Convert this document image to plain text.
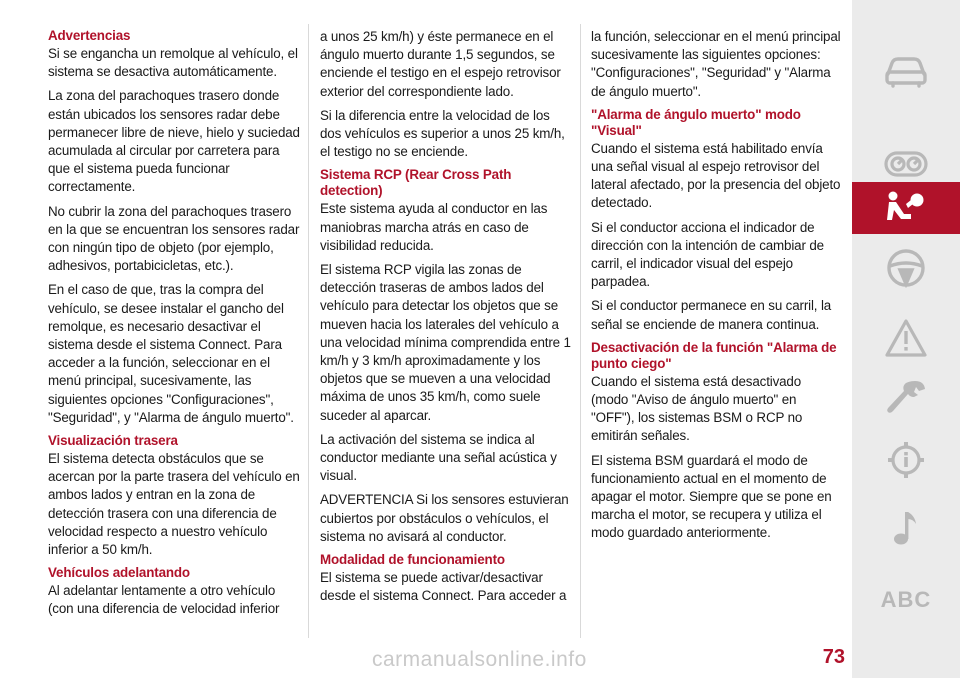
Advertencias
Si se engancha un remolque al vehículo, el sistema se desactiva automáticamente.
La zona del parachoques trasero donde están ubicados los sensores radar debe permanecer libre de nieve, hielo y suciedad acumulada al circular por carretera para que el sistema pueda funcionar correctamente.
No cubrir la zona del parachoques trasero en la que se encuentran los sensores radar con ningún tipo de objeto (por ejemplo, adhesivos, portabicicletas, etc.).
En el caso de que, tras la compra del vehículo, se desee instalar el gancho del remolque, es necesario desactivar el sistema desde el sistema Connect. Para acceder a la función, seleccionar en el menú principal, sucesivamente, las siguientes opciones "Configuraciones", "Seguridad", y "Alarma de ángulo muerto".
Visualización trasera
El sistema detecta obstáculos que se acercan por la parte trasera del vehículo en ambos lados y entran en la zona de detección trasera con una diferencia de velocidad respecto a nuestro vehículo inferior a 50 km/h.
Vehículos adelantando
Al adelantar lentamente a otro vehículo (con una diferencia de velocidad inferior
a unos 25 km/h) y éste permanece en el ángulo muerto durante 1,5 segundos, se enciende el testigo en el espejo retrovisor exterior del correspondiente lado.
Si la diferencia entre la velocidad de los dos vehículos es superior a unos 25 km/h, el testigo no se enciende.
Sistema RCP (Rear Cross Path detection)
Este sistema ayuda al conductor en las maniobras marcha atrás en caso de visibilidad reducida.
El sistema RCP vigila las zonas de detección traseras de ambos lados del vehículo para detectar los objetos que se mueven hacia los laterales del vehículo a una velocidad mínima comprendida entre 1 km/h y 3 km/h aproximadamente y los objetos que se mueven a una velocidad máxima de unos 35 km/h, como suele suceder al aparcar.
La activación del sistema se indica al conductor mediante una señal acústica y visual.
ADVERTENCIA Si los sensores estuvieran cubiertos por obstáculos o vehículos, el sistema no avisará al conductor.
Modalidad de funcionamiento
El sistema se puede activar/desactivar desde el sistema Connect. Para acceder a
la función, seleccionar en el menú principal sucesivamente las siguientes opciones: "Configuraciones", "Seguridad" y "Alarma de ángulo muerto".
"Alarma de ángulo muerto" modo "Visual"
Cuando el sistema está habilitado envía una señal visual al espejo retrovisor del lateral afectado, por la presencia del objeto detectado.
Si el conductor acciona el indicador de dirección con la intención de cambiar de carril, el indicador visual del espejo parpadea.
Si el conductor permanece en su carril, la señal se enciende de manera continua.
Desactivación de la función "Alarma de punto ciego"
Cuando el sistema está desactivado (modo "Aviso de ángulo muerto" en "OFF"), los sistemas BSM o RCP no emitirán señales.
El sistema BSM guardará el modo de funcionamiento actual en el momento de apagar el motor. Siempre que se pone en marcha el motor, se recupera y utiliza el modo guardado anteriormente.
ABC
carmanualsonline.info	73
